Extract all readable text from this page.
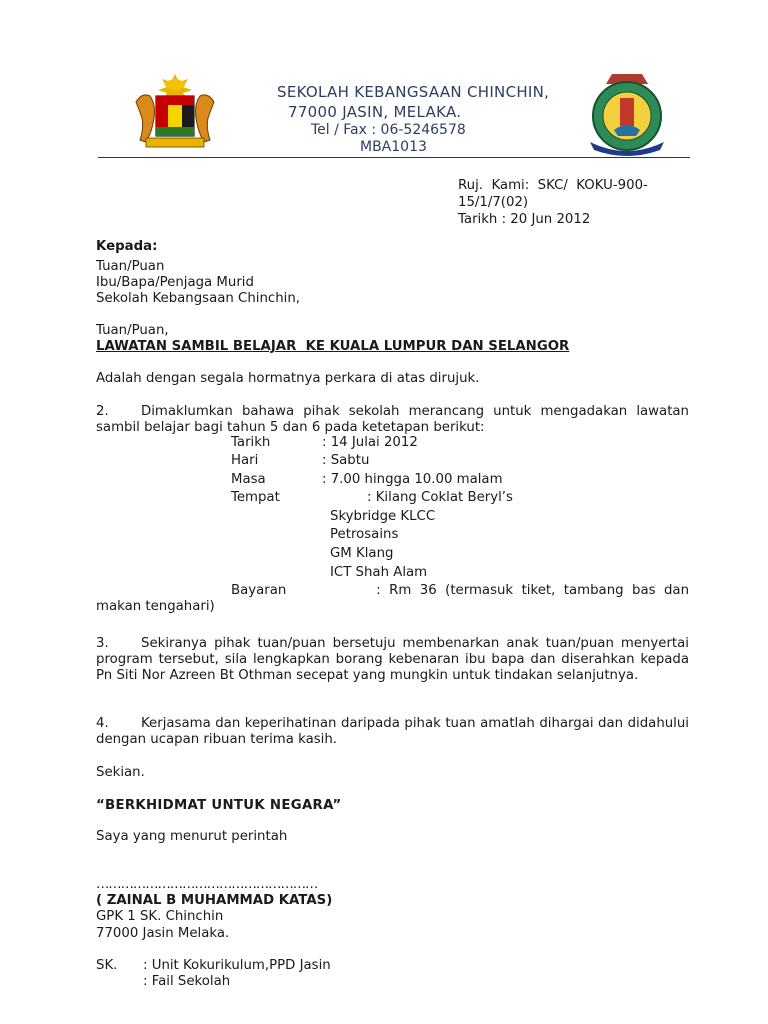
SEKOLAH KEBANGSAAN CHINCHIN,
77000 JASIN, MELAKA.
Tel / Fax : 06-5246578
MBA1013
Ruj.  Kami:  SKC/  KOKU-900-
15/1/7(02)
Tarikh : 20 Jun 2012
Kepada:
Tuan/Puan
Ibu/Bapa/Penjaga Murid
Sekolah Kebangsaan Chinchin,
Tuan/Puan,
LAWATAN SAMBIL BELAJAR  KE KUALA LUMPUR DAN SELANGOR
Adalah dengan segala hormatnya perkara di atas dirujuk.
2. Dimaklumkan bahawa pihak sekolah merancang untuk mengadakan lawatan sambil belajar bagi tahun 5 dan 6 pada ketetapan berikut:
Tarikh	: 14 Julai 2012
Hari	: Sabtu
Masa	: 7.00 hingga 10.00 malam
Tempat	: Kilang Coklat Beryl’s
Skybridge KLCC
Petrosains
GM Klang
ICT Shah Alam
Bayaran	:  Rm  36  (termasuk  tiket,  tambang  bas  dan
makan tengahari)
3. Sekiranya pihak tuan/puan bersetuju membenarkan anak tuan/puan menyertai program tersebut, sila lengkapkan borang kebenaran ibu bapa dan diserahkan kepada Pn Siti Nor Azreen Bt Othman secepat yang mungkin untuk tindakan selanjutnya.
4. Kerjasama dan keperihatinan daripada pihak tuan amatlah dihargai dan didahului dengan ucapan ribuan terima kasih.
Sekian.
“BERKHIDMAT UNTUK NEGARA”
Saya yang menurut perintah
………………………………………………
( ZAINAL B MUHAMMAD KATAS)
GPK 1 SK. Chinchin
77000 Jasin Melaka.
SK. : Unit Kokurikulum,PPD Jasin
: Fail Sekolah
